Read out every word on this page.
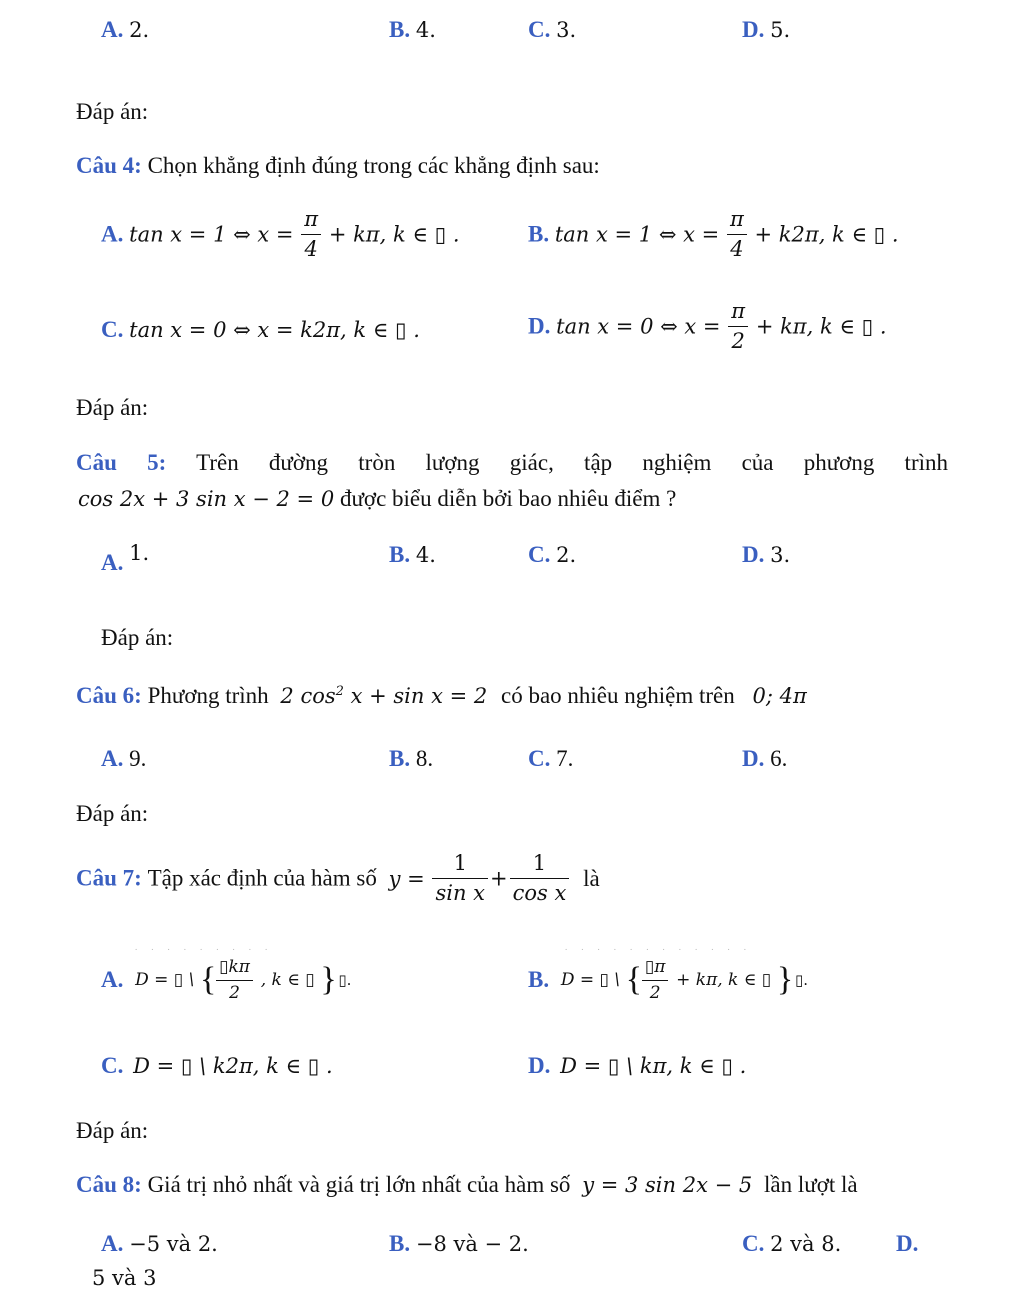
A. 2.	B. 4.	C. 3.	D. 5.
Đáp án:
Câu 4: Chọn khẳng định đúng trong các khẳng định sau:
A. tan x = 1 ⇔ $x = \frac{\pi}{4} + k\pi$, k ∈ ▯ .	B. tan x = 1 ⇔ $x = \frac{\pi}{4} + k2\pi$, k ∈ ▯ .
C. tan x = 0 ⇔ x = k2π, k ∈ ▯ .	D. tan x = 0 ⇔ $x = \frac{\pi}{2} + k\pi$, k ∈ ▯ .
Đáp án:
Câu 5: Trên đường tròn lượng giác, tập nghiệm của phương trình
cos 2x + 3 sin x − 2 = 0 được biểu diễn bởi bao nhiêu điểm ?
A. 1.	B. 4.	C. 2.	D. 3.
Đáp án:
Câu 6: Phương trình 2 $\cos^2 x + \sin x = 2$ có bao nhiêu nghiệm trên 0; 4π
A. 9.	B. 8.	C. 7.	D. 6.
Đáp án:
Câu 7: Tập xác định của hàm số $y = \frac{1}{\text{sin x}} + \frac{1}{\text{cos x}}$ là
.........	............
A. D = ▯ \ { $\frac{▯k\pi}{2}$ , k ∈ ▯ } ▯.	B. D = ▯ \ { $\frac{▯\pi}{2} + k\pi$, k ∈ ▯ } ▯.
C. D = ▯ \ k2π, k ∈ ▯ .	D. D = ▯ \ kπ, k ∈ ▯ .
Đáp án:
Câu 8: Giá trị nhỏ nhất và giá trị lớn nhất của hàm số y = 3 sin 2x − 5 lần lượt là
A. −5 và 2.	B. −8 và − 2.	C. 2 và 8. D.
5 và 3
